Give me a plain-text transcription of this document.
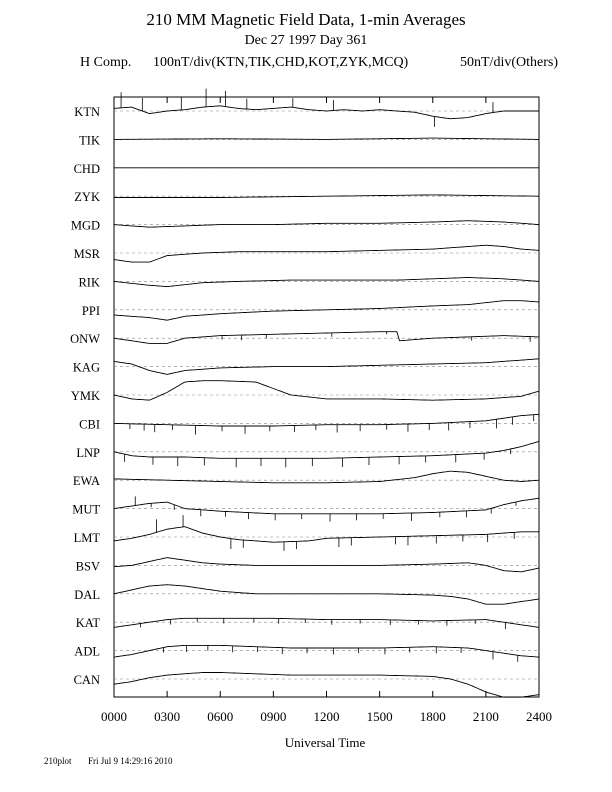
210 MM Magnetic Field Data, 1-min Averages
Dec 27 1997 Day 361
H Comp. 100nT/div(KTN,TIK,CHD,KOT,ZYK,MCQ)	50nT/div(Others)
0000 0300 0600 0900 1200 1500 1800 2100 2400
KTN
TIK
CHD
ZYK
MGD
MSR
RIK
PPI
ONW
KAG
YMK
CBI
LNP
EWA
MUT
LMT
BSV
DAL
KAT
ADL
CAN
Universal Time
210plot Fri Jul 9 14:29:16 2010
